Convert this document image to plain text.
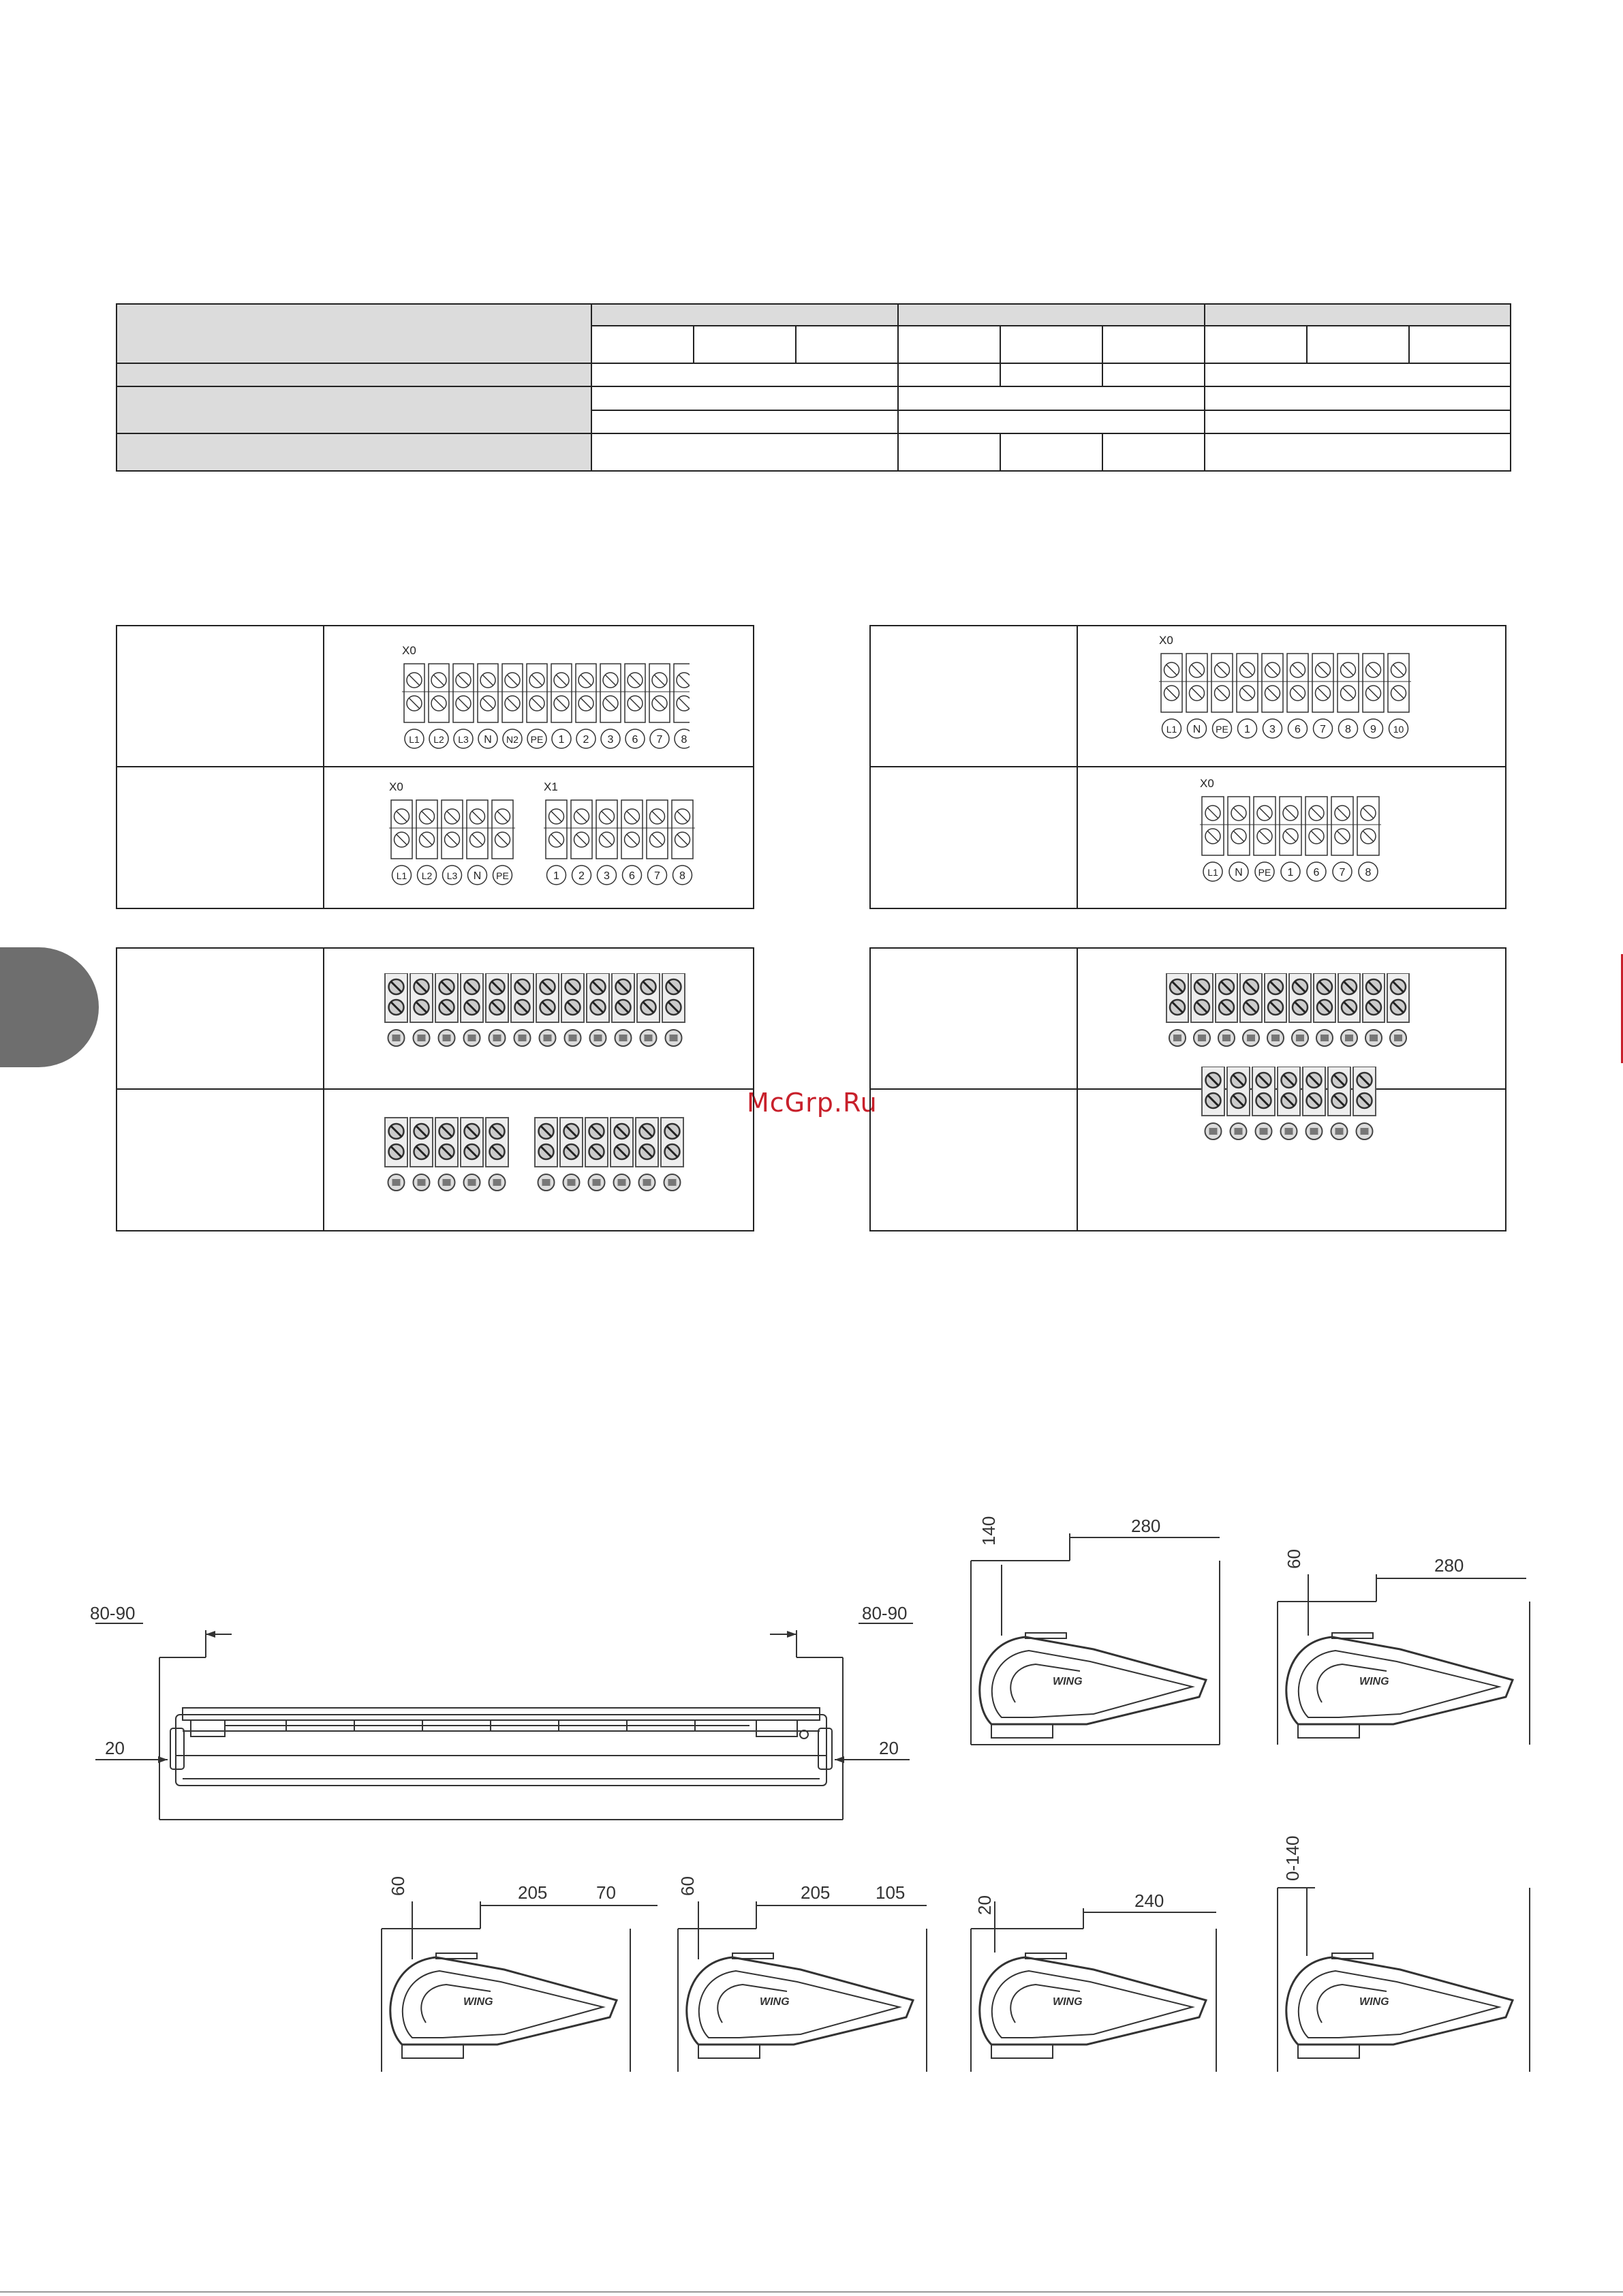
McGrp.Ru
X0
L1 L2 L3 N N2 PE 1 2 3 6 7 8
X0
L1 L2 L3 N PE
X1
1 2 3 6 7 8
X0
L1 N PE 1 3 6 7 8 9 10
X0
L1 N PE 1 6 7 8
80-90	80-90
20	20
WING
140	280
WING
60	280
WING
60	205	70
WING
60	205	105
WING
20	240
WING
0-140
